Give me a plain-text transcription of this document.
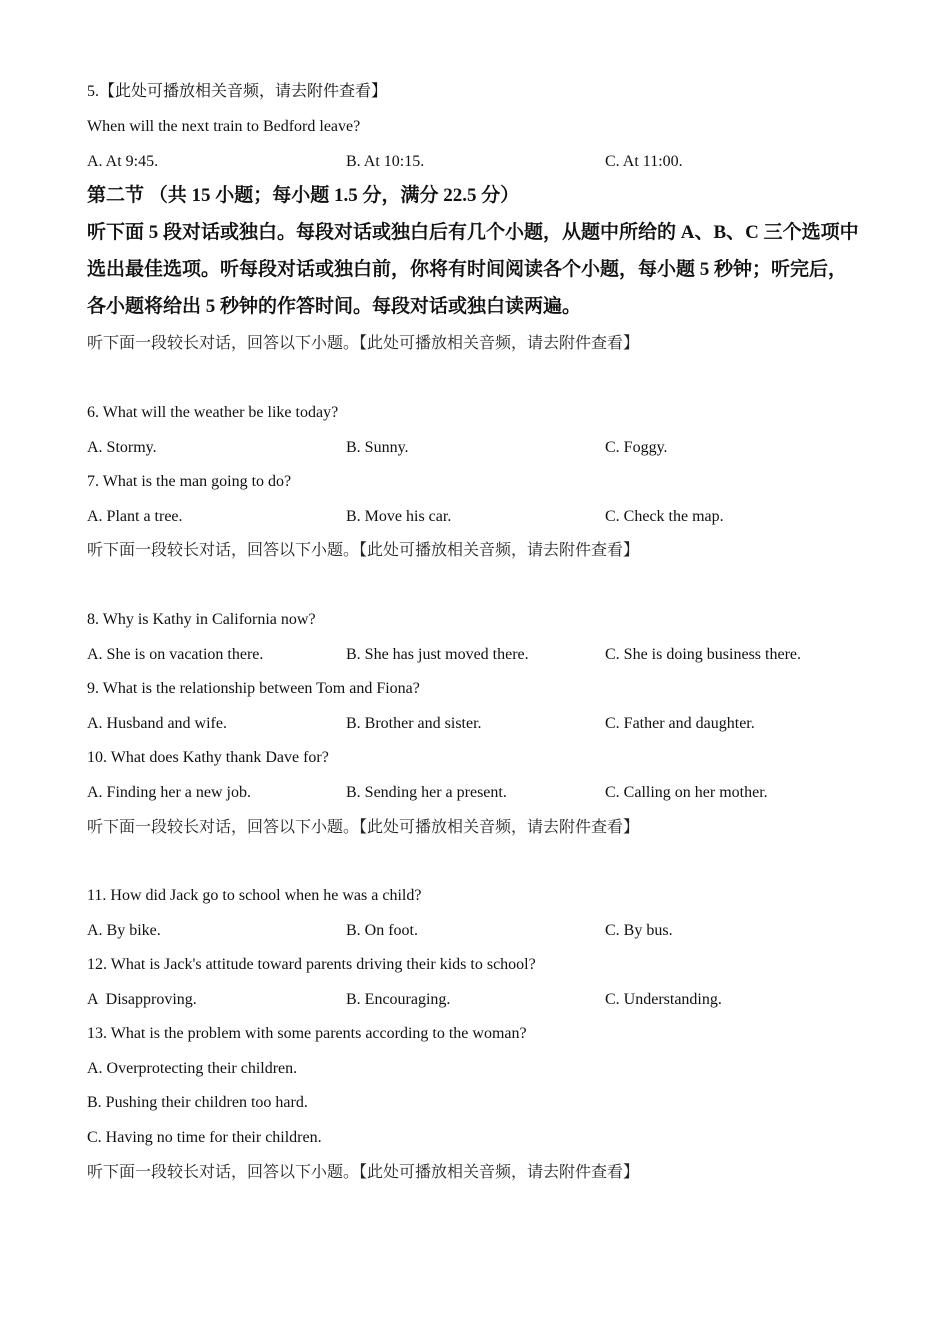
5.【此处可播放相关音频，请去附件查看】
When will the next train to Bedford leave?
A. At 9:45.	B. At 10:15.	C. At 11:00.
第二节 （共 15 小题；每小题 1.5 分，满分 22.5 分）
听下面 5 段对话或独白。每段对话或独白后有几个小题，从题中所给的 A、B、C 三个选项中
选出最佳选项。听每段对话或独白前，你将有时间阅读各个小题，每小题 5 秒钟；听完后，
各小题将给出 5 秒钟的作答时间。每段对话或独白读两遍。
听下面一段较长对话，回答以下小题。【此处可播放相关音频，请去附件查看】
6. What will the weather be like today?
A. Stormy.	B. Sunny.	C. Foggy.
7. What is the man going to do?
A. Plant a tree.	B. Move his car.	C. Check the map.
听下面一段较长对话，回答以下小题。【此处可播放相关音频，请去附件查看】
8. Why is Kathy in California now?
A. She is on vacation there.	B. She has just moved there.	C. She is doing business there.
9. What is the relationship between Tom and Fiona?
A. Husband and wife.	B. Brother and sister.	C. Father and daughter.
10. What does Kathy thank Dave for?
A. Finding her a new job.	B. Sending her a present.	C. Calling on her mother.
听下面一段较长对话，回答以下小题。【此处可播放相关音频，请去附件查看】
11. How did Jack go to school when he was a child?
A. By bike.	B. On foot.	C. By bus.
12. What is Jack's attitude toward parents driving their kids to school?
A  Disapproving.	B. Encouraging.	C. Understanding.
13. What is the problem with some parents according to the woman?
A. Overprotecting their children.
B. Pushing their children too hard.
C. Having no time for their children.
听下面一段较长对话，回答以下小题。【此处可播放相关音频，请去附件查看】
